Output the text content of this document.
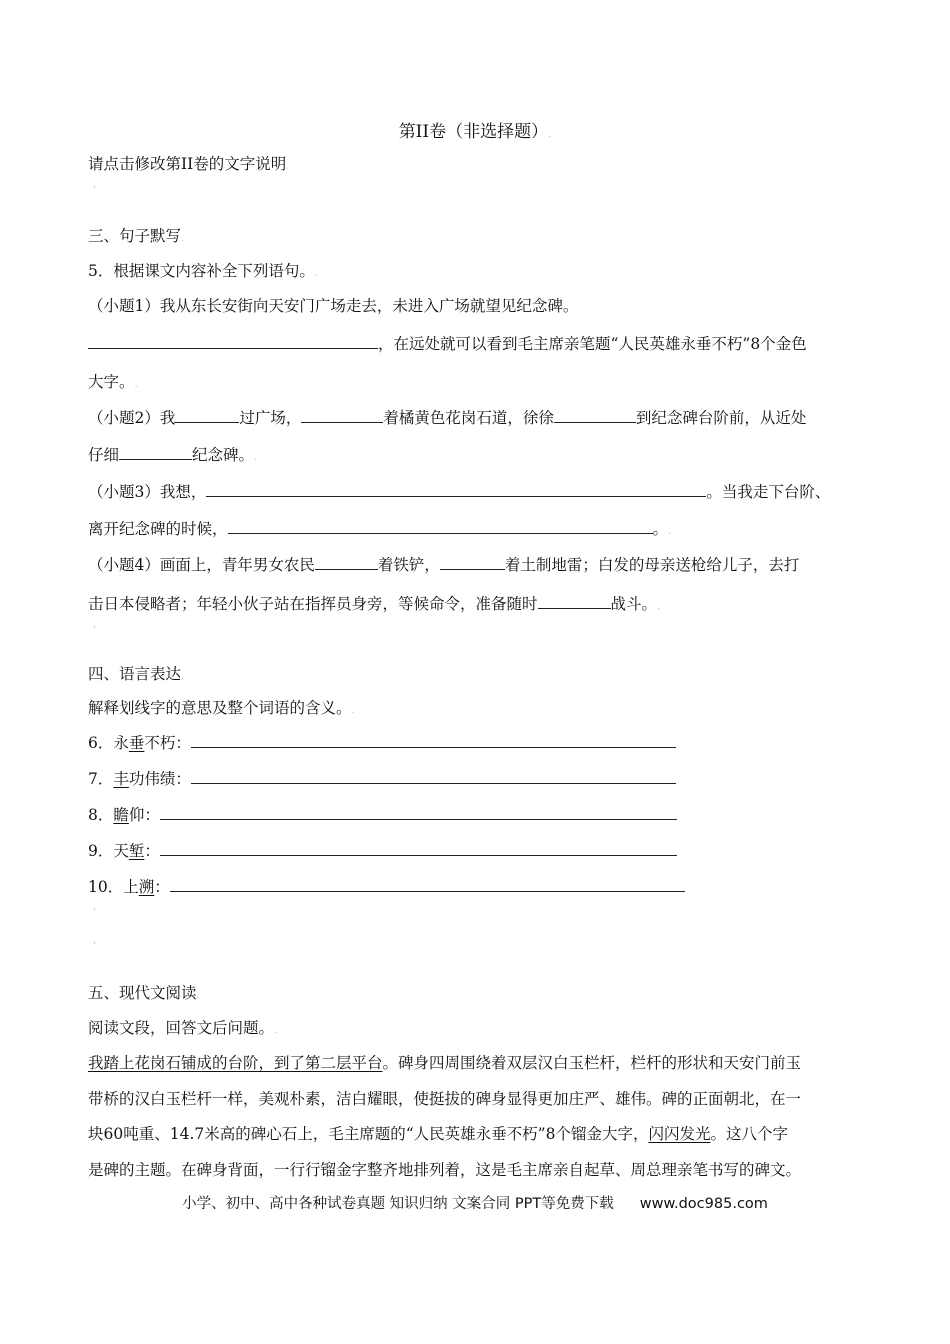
第II卷（非选择题）.
请点击修改第II卷的文字说明.
ˌ
三、句子默写.
5．根据课文内容补全下列语句。.
（小题1）我从东长安街向天安门广场走去，未进入广场就望见纪念碑。
，在远处就可以看到毛主席亲笔题“人民英雄永垂不朽”8个金色
大字。.
（小题2）我	过广场，	着橘黄色花岗石道，徐徐	到纪念碑台阶前，从近处
仔细	纪念碑。.
（小题3）我想，	。当我走下台阶、
离开纪念碑的时候，	。.
（小题4）画面上，青年男女农民	着铁铲，	着土制地雷；白发的母亲送枪给儿子，去打
击日本侵略者；年轻小伙子站在指挥员身旁，等候命令，准备随时	战斗。.
ˌ
四、语言表达.
解释划线字的意思及整个词语的含义。.
6．永垂不朽：
7．丰功伟绩：
8．瞻仰：
9．天堑：
10．上溯：
ˌ
ˌ
五、现代文阅读.
阅读文段，回答文后问题。.
我踏上花岗石铺成的台阶，到了第二层平台。碑身四周围绕着双层汉白玉栏杆，栏杆的形状和天安门前玉
带桥的汉白玉栏杆一样，美观朴素，洁白耀眼，使挺拔的碑身显得更加庄严、雄伟。碑的正面朝北，在一
块60吨重、14.7米高的碑心石上，毛主席题的“人民英雄永垂不朽”8个镏金大字，闪闪发光。这八个字
是碑的主题。在碑身背面，一行行镏金字整齐地排列着，这是毛主席亲自起草、周总理亲笔书写的碑文。
小学、初中、高中各种试卷真题 知识归纳 文案合同 PPT等免费下载 www.doc985.com
